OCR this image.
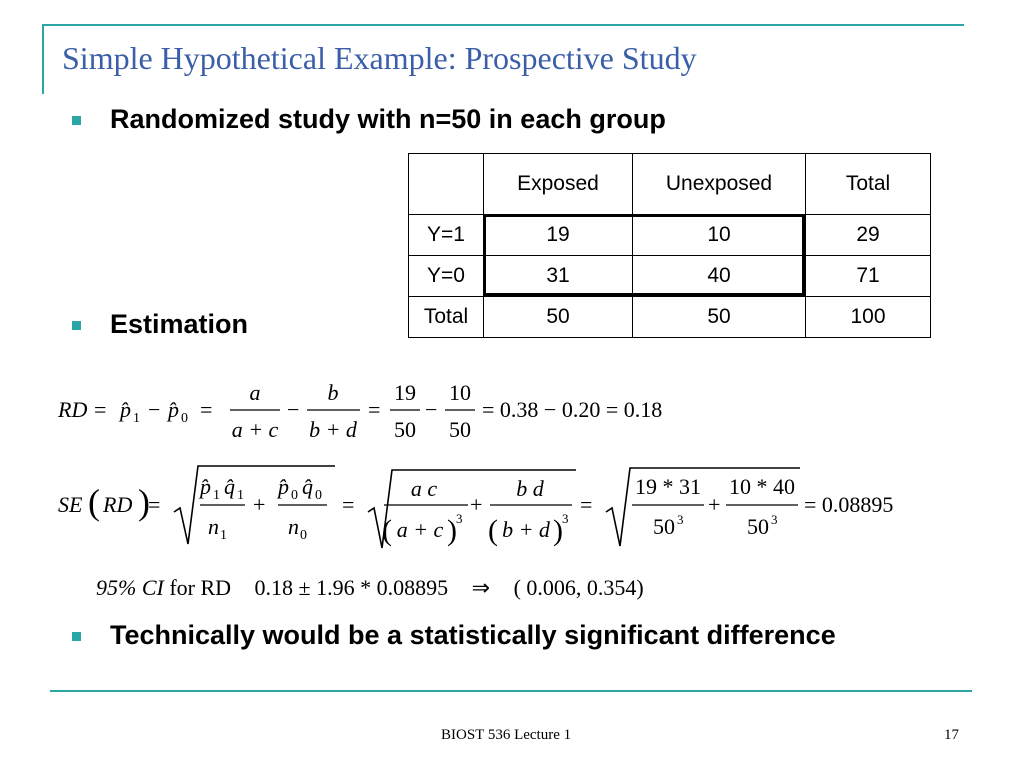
Simple Hypothetical Example: Prospective Study
Randomized study with n=50 in each group
Estimation
	Exposed	Unexposed	Total
Y=1	19	10	29
Y=0	31	40	71
Total	50	50	100
RD = p̂ 1 − p̂ 0 =
a
a + c
−
b
b + d
=
19
50
−
10
50
= 0.38 − 0.20 = 0.18
SE ( RD )
=
p̂ 1 q̂ 1
n 1
+
p̂ 0 q̂ 0
n 0
=
a c
( a + c ) 3
+
b d
( b + d ) 3
=
19 * 31
50 3
+
10 * 40
50 3
= 0.08895
95% CI for RD 0.18 ± 1.96 * 0.08895 ⇒ ( 0.006, 0.354)
Technically would be a statistically significant difference
BIOST 536 Lecture 1	17
